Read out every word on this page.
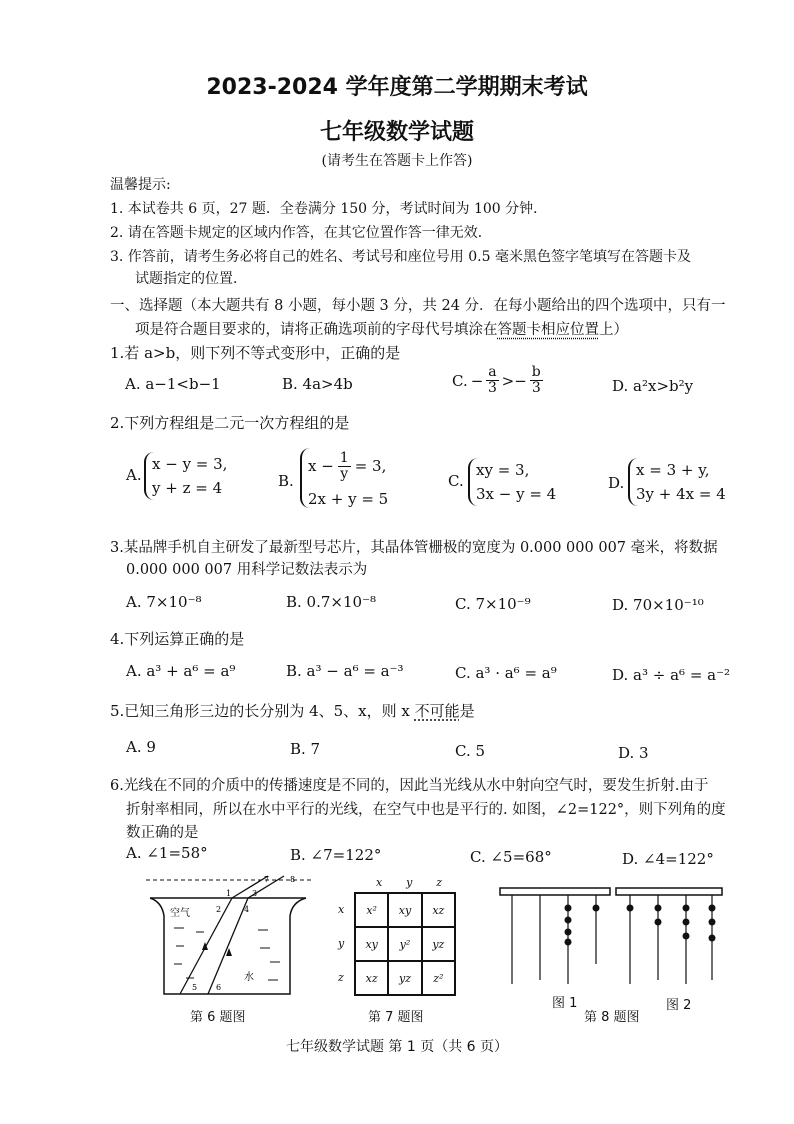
2023-2024 学年度第二学期期末考试
七年级数学试题
(请考生在答题卡上作答)
温馨提示:
1. 本试卷共 6 页，27 题．全卷满分 150 分，考试时间为 100 分钟．
2. 请在答题卡规定的区域内作答，在其它位置作答一律无效．
3. 作答前，请考生务必将自己的姓名、考试号和座位号用 0.5 毫米黑色签字笔填写在答题卡及
试题指定的位置．
一、选择题（本大题共有 8 小题，每小题 3 分，共 24 分．在每小题给出的四个选项中，只有一
项是符合题目要求的，请将正确选项前的字母代号填涂在答题卡相应位置上）
1.若 a>b，则下列不等式变形中，正确的是
A. a−1<b−1	B. 4a>4b	C. − $\frac{a}{3} >- \frac{b}{3}$	D. a²x>b²y
2.下列方程组是二元一次方程组的是
A.
x − y = 3,
y + z = 4	B.
$x - \frac{1}{y} = 3$,
2x + y = 5
C.
xy = 3,
3x − y = 4
D.
x = 3 + y,
3y + 4x = 4
3.某品牌手机自主研发了最新型号芯片，其晶体管栅极的宽度为 0.000 000 007 毫米，将数据
0.000 000 007 用科学记数法表示为
A. 7×10⁻⁸	B. 0.7×10⁻⁸	C. 7×10⁻⁹	D. 70×10⁻¹⁰
4.下列运算正确的是
A. a³ + a⁶ = a⁹	B. a³ − a⁶ = a⁻³	C. a³ · a⁶ = a⁹	D. a³ ÷ a⁶ = a⁻²
5.已知三角形三边的长分别为 4、5、x，则 x 不可能是
A. 9	B. 7	C. 5	D. 3
6.光线在不同的介质中的传播速度是不同的，因此当光线从水中射向空气时，要发生折射.由于
折射率相同，所以在水中平行的光线，在空气中也是平行的. 如图，∠2=122°，则下列角的度
数正确的是
A. ∠1=58°	B. ∠7=122°	C. ∠5=68°	D. ∠4=122°
空气
水
1
2
3
4
5 6
7	8
第 6 题图
x y z
x
y
z
x²	xy	xz
xy	y²	yz
xz	yz	z²
第 7 题图
图 1	图 2
第 8 题图
七年级数学试题 第 1 页（共 6 页）
